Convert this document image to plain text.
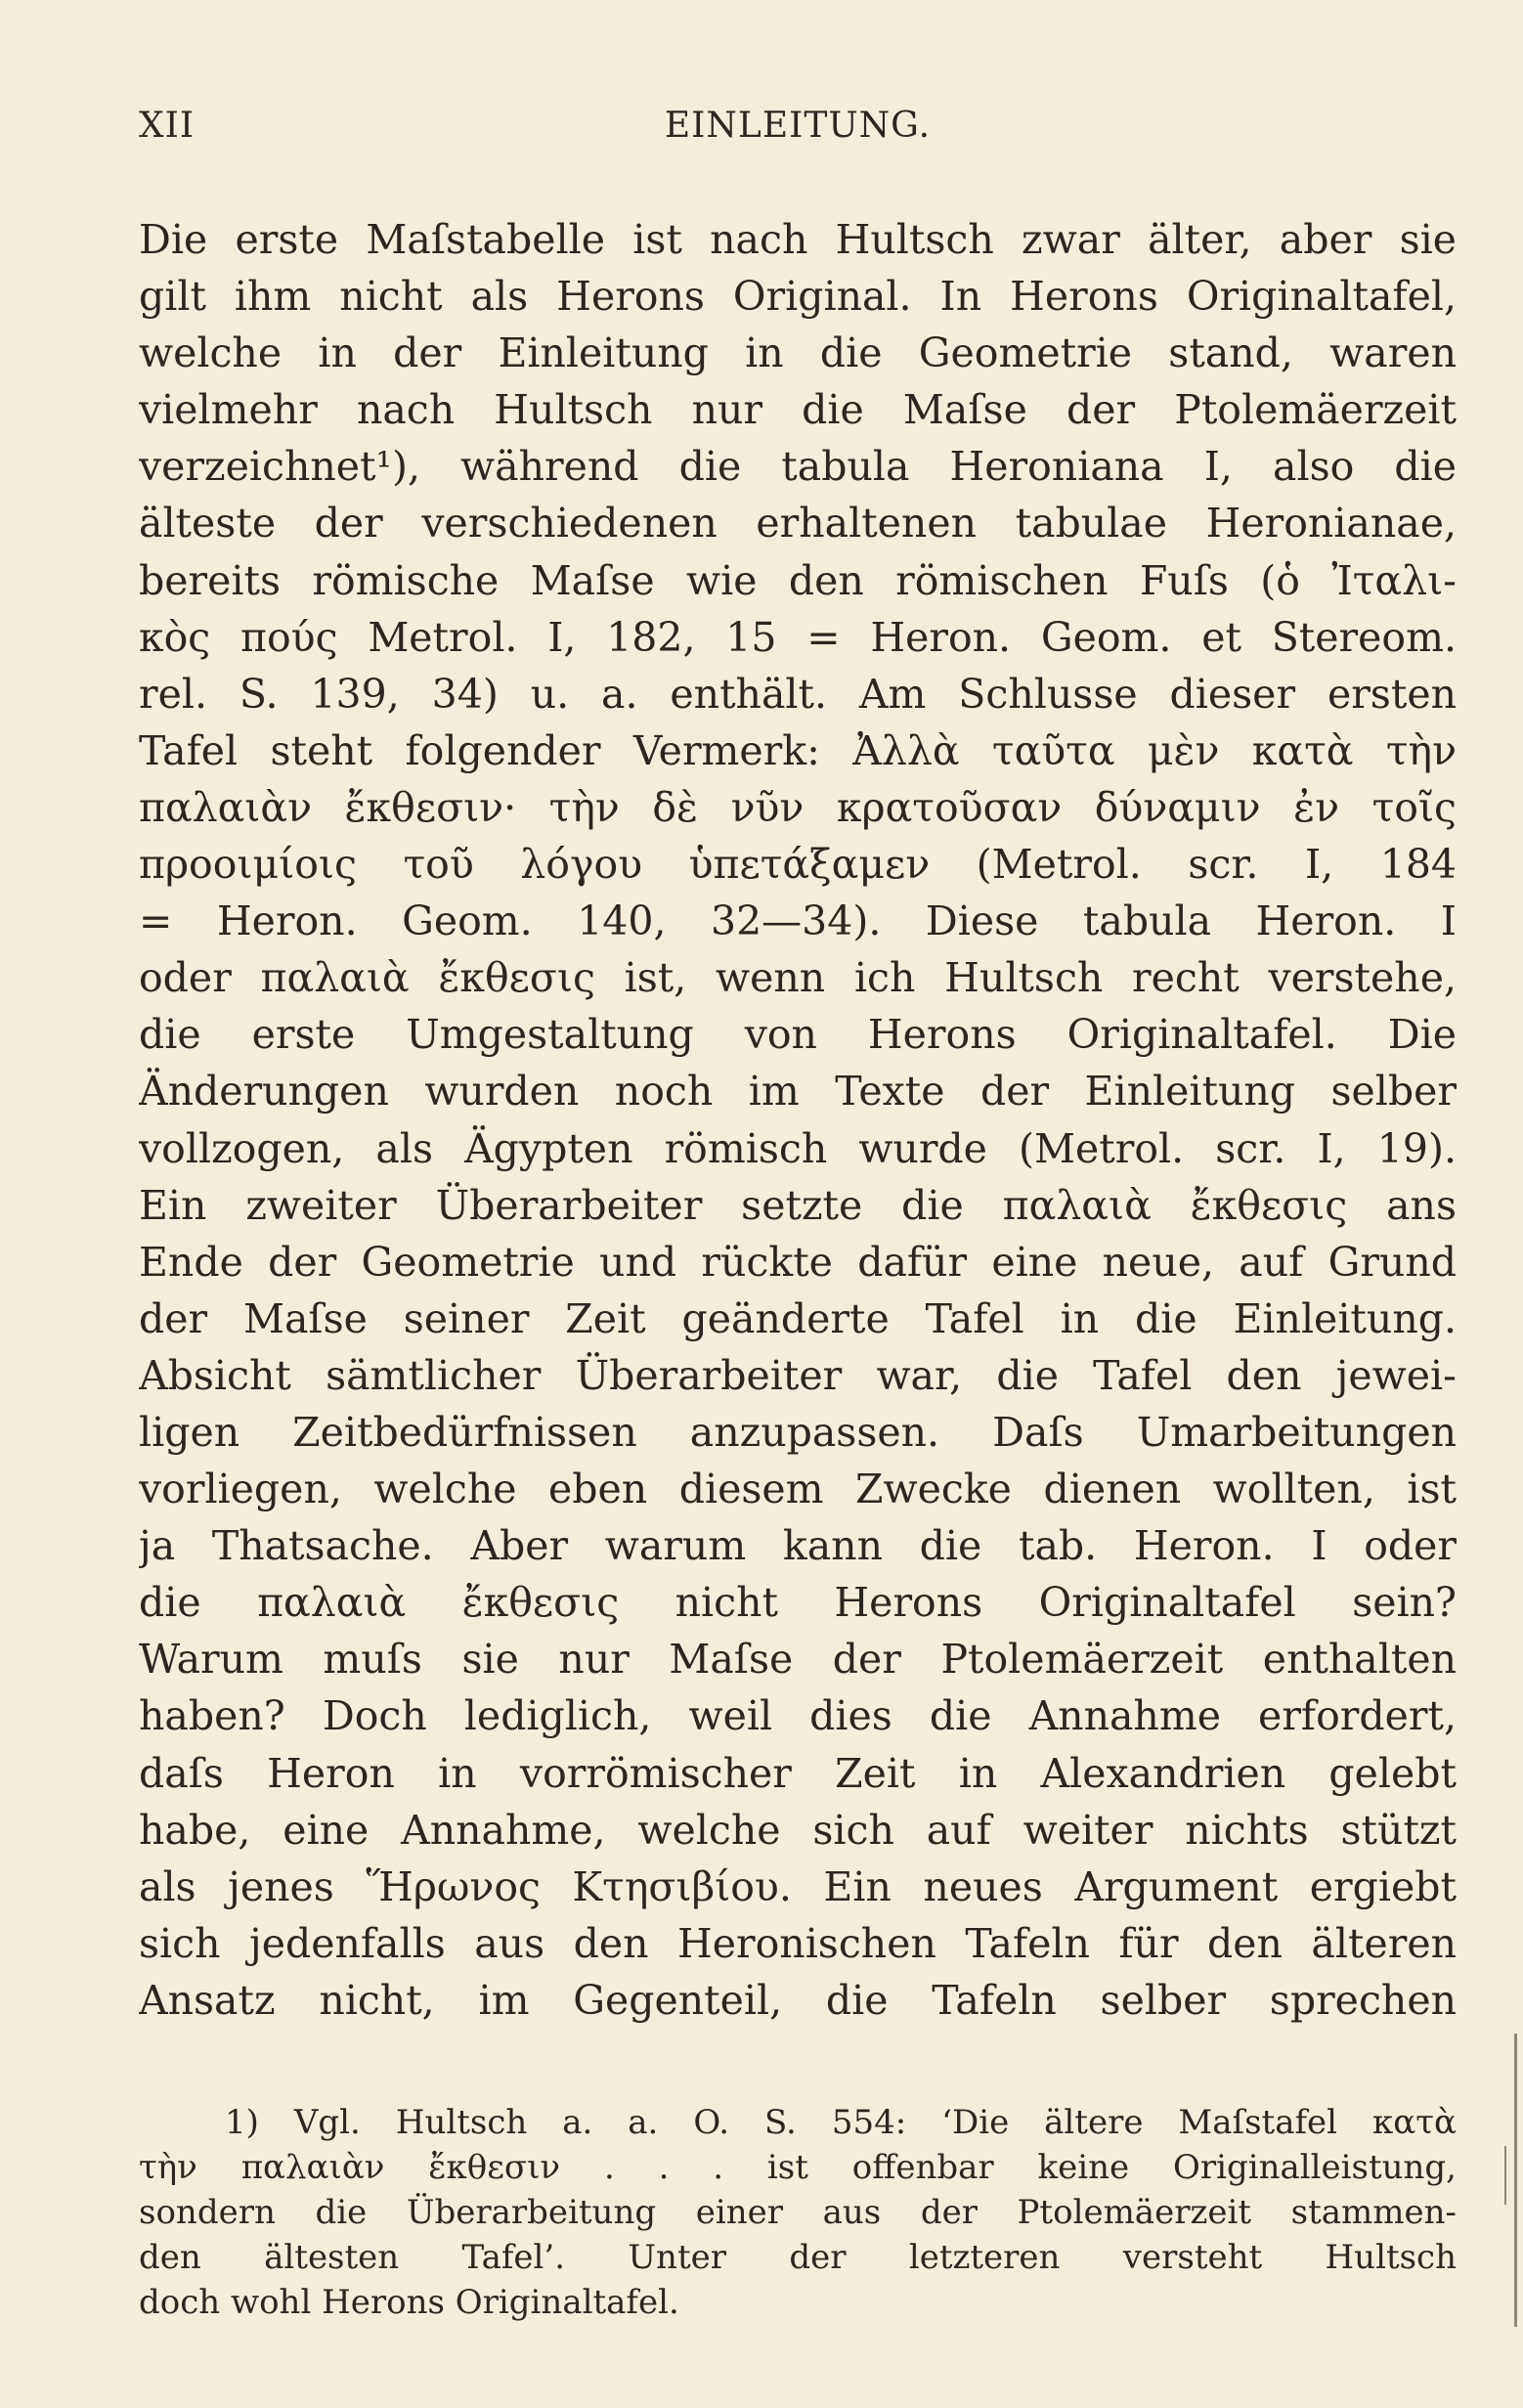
XII	EINLEITUNG.
Die erste Maſstabelle ist nach Hultsch zwar älter, aber sie
gilt ihm nicht als Herons Original. In Herons Originaltafel,
welche in der Einleitung in die Geometrie stand, waren
vielmehr nach Hultsch nur die Maſse der Ptolemäerzeit
verzeichnet¹), während die tabula Heroniana I, also die
älteste der verschiedenen erhaltenen tabulae Heronianae,
bereits römische Maſse wie den römischen Fuſs (ὁ Ἰταλι-
κὸς πούς Metrol. I, 182, 15 = Heron. Geom. et Stereom.
rel. S. 139, 34) u. a. enthält. Am Schlusse dieser ersten
Tafel steht folgender Vermerk: Ἀλλὰ ταῦτα μὲν κατὰ τὴν
παλαιὰν ἔκθεσιν· τὴν δὲ νῦν κρατοῦσαν δύναμιν ἐν τοῖς
προοιμίοις τοῦ λόγου ὑπετάξαμεν (Metrol. scr. I, 184
= Heron. Geom. 140, 32—34). Diese tabula Heron. I
oder παλαιὰ ἔκθεσις ist, wenn ich Hultsch recht verstehe,
die erste Umgestaltung von Herons Originaltafel. Die
Änderungen wurden noch im Texte der Einleitung selber
vollzogen, als Ägypten römisch wurde (Metrol. scr. I, 19).
Ein zweiter Überarbeiter setzte die παλαιὰ ἔκθεσις ans
Ende der Geometrie und rückte dafür eine neue, auf Grund
der Maſse seiner Zeit geänderte Tafel in die Einleitung.
Absicht sämtlicher Überarbeiter war, die Tafel den jewei-
ligen Zeitbedürfnissen anzupassen. Daſs Umarbeitungen
vorliegen, welche eben diesem Zwecke dienen wollten, ist
ja Thatsache. Aber warum kann die tab. Heron. I oder
die παλαιὰ ἔκθεσις nicht Herons Originaltafel sein?
Warum muſs sie nur Maſse der Ptolemäerzeit enthalten
haben? Doch lediglich, weil dies die Annahme erfordert,
daſs Heron in vorrömischer Zeit in Alexandrien gelebt
habe, eine Annahme, welche sich auf weiter nichts stützt
als jenes Ἥρωνος Κτησιβίου. Ein neues Argument ergiebt
sich jedenfalls aus den Heronischen Tafeln für den älteren
Ansatz nicht, im Gegenteil, die Tafeln selber sprechen
1) Vgl. Hultsch a. a. O. S. 554: ‘Die ältere Maſstafel κατὰ
τὴν παλαιὰν ἔκθεσιν . . . ist offenbar keine Originalleistung,
sondern die Überarbeitung einer aus der Ptolemäerzeit stammen-
den ältesten Tafel’. Unter der letzteren versteht Hultsch
doch wohl Herons Originaltafel.
